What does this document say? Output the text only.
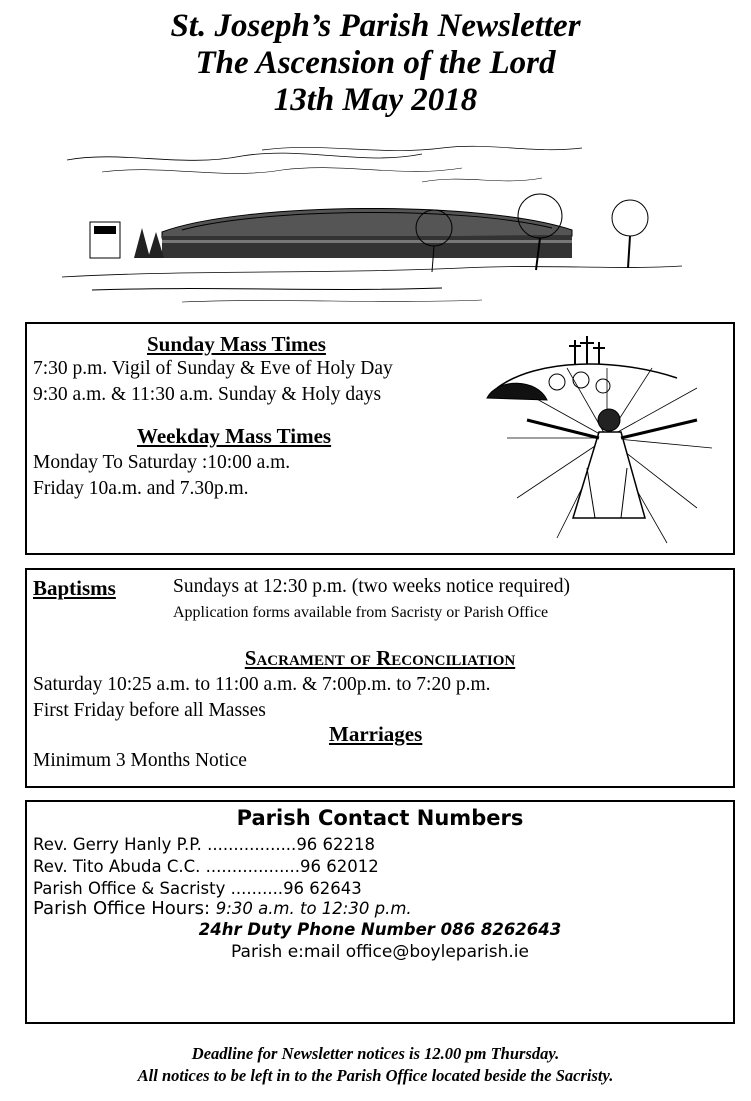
St. Joseph’s Parish Newsletter
The Ascension of the Lord
13th May 2018
Sunday Mass Times
7:30 p.m. Vigil of Sunday & Eve of Holy Day
9:30 a.m. & 11:30 a.m. Sunday & Holy days
Weekday Mass Times
Monday To Saturday :10:00 a.m.
Friday 10a.m. and 7.30p.m.
Baptisms	Sundays at 12:30 p.m. (two weeks notice required)
Application forms available from Sacristy or Parish Office
Sacrament of Reconciliation
Saturday 10:25 a.m. to 11:00 a.m. & 7:00p.m. to 7:20 p.m.
First Friday before all Masses
Marriages
Minimum 3 Months Notice
Parish Contact Numbers
Rev. Gerry Hanly P.P. .................96 62218
Rev. Tito Abuda C.C. ..................96 62012
Parish Office & Sacristy ..........96 62643
Parish Office Hours: 9:30 a.m. to 12:30 p.m.
24hr Duty Phone Number 086 8262643
Parish e:mail office@boyleparish.ie
Deadline for Newsletter notices is 12.00 pm Thursday.
All notices to be left in to the Parish Office located beside the Sacristy.
